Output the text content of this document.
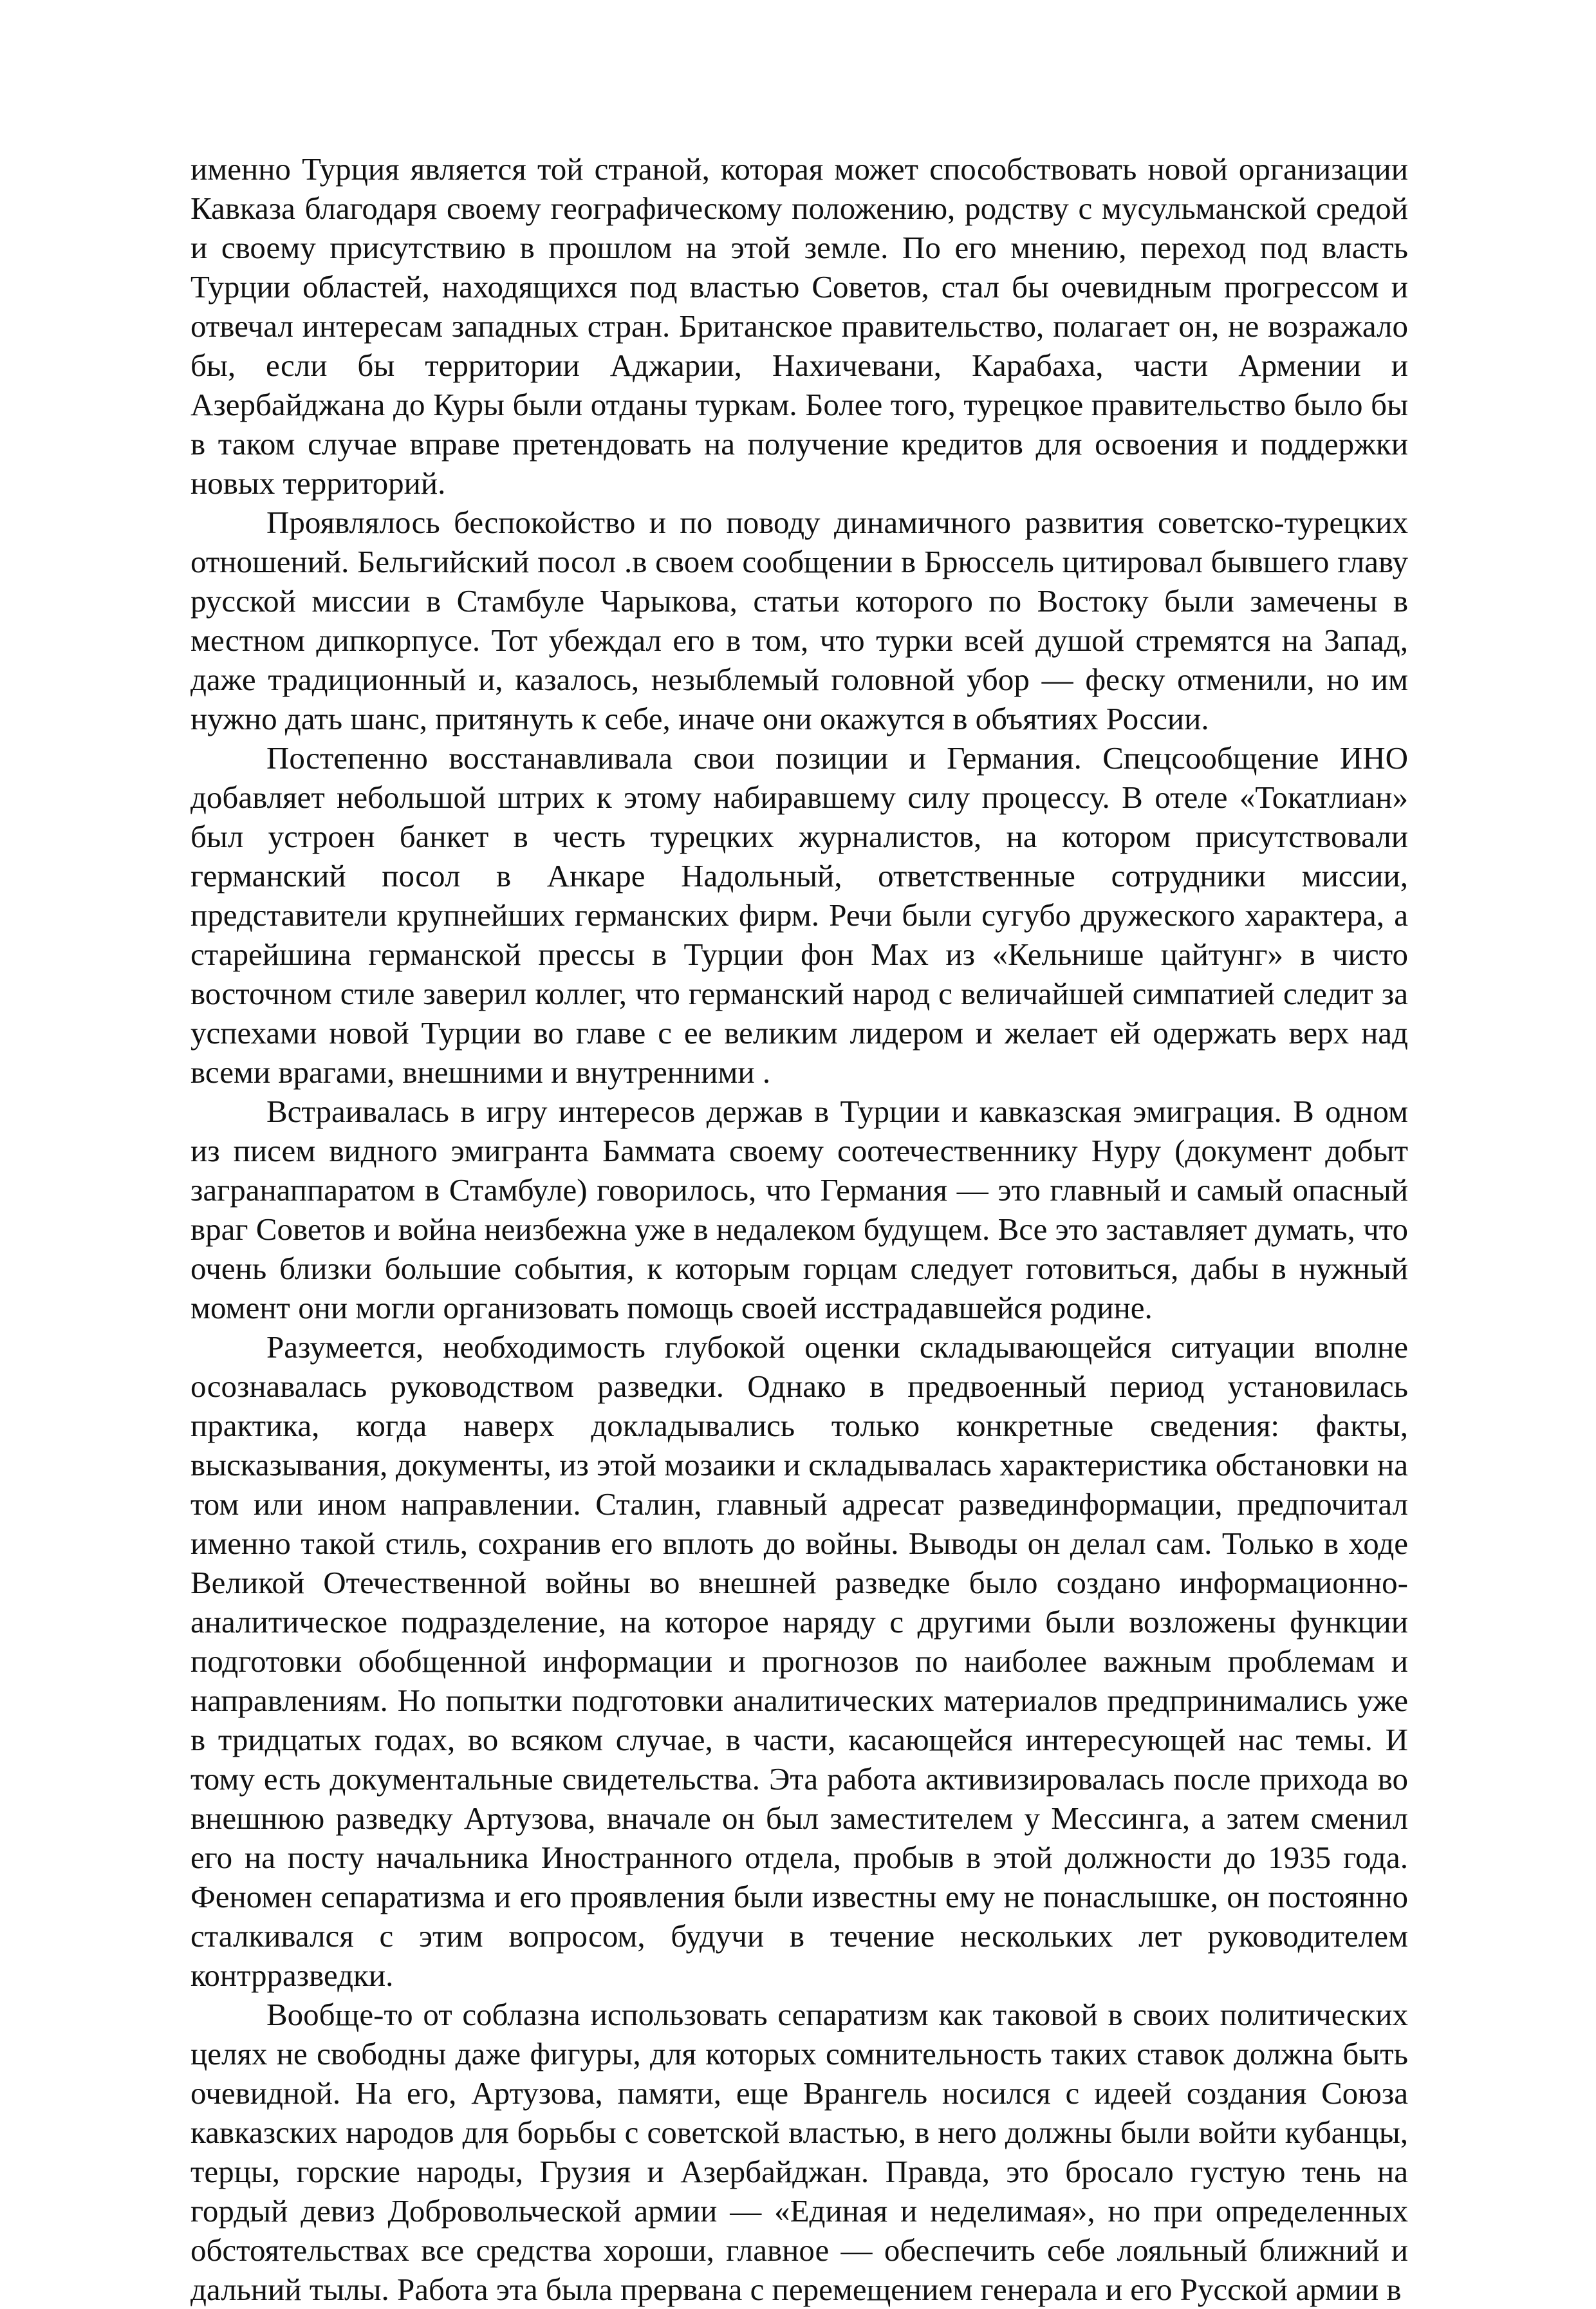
именно Турция является той страной, которая может способствовать новой организации Кавказа благодаря своему географическому положению, родству с мусульманской средой и своему присутствию в прошлом на этой земле. По его мнению, переход под власть Турции областей, находящихся под властью Советов, стал бы очевидным прогрессом и отвечал интересам западных стран. Британское правительство, полагает он, не возражало бы, если бы территории Аджарии, Нахичевани, Карабаха, части Армении и Азербайджана до Куры были отданы туркам. Более того, турецкое правительство было бы в таком случае вправе претендовать на получение кредитов для освоения и поддержки новых территорий.

Проявлялось беспокойство и по поводу динамичного развития советско-турецких отношений. Бельгийский посол .в своем сообщении в Брюссель цитировал бывшего главу русской миссии в Стамбуле Чарыкова, статьи которого по Востоку были замечены в местном дипкорпусе. Тот убеждал его в том, что турки всей душой стремятся на Запад, даже традиционный и, казалось, незыблемый головной убор — феску отменили, но им нужно дать шанс, притянуть к себе, иначе они окажутся в объятиях России.

Постепенно восстанавливала свои позиции и Германия. Спецсообщение ИНО добавляет небольшой штрих к этому набиравшему силу процессу. В отеле «Токатлиан» был устроен банкет в честь турецких журналистов, на котором присутствовали германский посол в Анкаре Надольный, ответственные сотрудники миссии, представители крупнейших германских фирм. Речи были сугубо дружеского характера, а старейшина германской прессы в Турции фон Мах из «Кельнише цайтунг» в чисто восточном стиле заверил коллег, что германский народ с величайшей симпатией следит за успехами новой Турции во главе с ее великим лидером и желает ей одержать верх над всеми врагами, внешними и внутренними .

Встраивалась в игру интересов держав в Турции и кавказская эмиграция. В одном из писем видного эмигранта Баммата своему соотечественнику Нуру (документ добыт загранаппаратом в Стамбуле) говорилось, что Германия — это главный и самый опасный враг Советов и война неизбежна уже в недалеком будущем. Все это заставляет думать, что очень близки большие события, к которым горцам следует готовиться, дабы в нужный момент они могли организовать помощь своей исстрадавшейся родине.

Разумеется, необходимость глубокой оценки складывающейся ситуации вполне осознавалась руководством разведки. Однако в предвоенный период установилась практика, когда наверх докладывались только конкретные сведения: факты, высказывания, документы, из этой мозаики и складывалась характеристика обстановки на том или ином направлении. Сталин, главный адресат развединформации, предпочитал именно такой стиль, сохранив его вплоть до войны. Выводы он делал сам. Только в ходе Великой Отечественной войны во внешней разведке было создано информационно-аналитическое подразделение, на которое наряду с другими были возложены функции подготовки обобщенной информации и прогнозов по наиболее важным проблемам и направлениям. Но попытки подготовки аналитических материалов предпринимались уже в тридцатых годах, во всяком случае, в части, касающейся интересующей нас темы. И тому есть документальные свидетельства. Эта работа активизировалась после прихода во внешнюю разведку Артузова, вначале он был заместителем у Мессинга, а затем сменил его на посту начальника Иностранного отдела, пробыв в этой должности до 1935 года. Феномен сепаратизма и его проявления были известны ему не понаслышке, он постоянно сталкивался с этим вопросом, будучи в течение нескольких лет руководителем контрразведки.

Вообще-то от соблазна использовать сепаратизм как таковой в своих политических целях не свободны даже фигуры, для которых сомнительность таких ставок должна быть очевидной. На его, Артузова, памяти, еще Врангель носился с идеей создания Союза кавказских народов для борьбы с советской властью, в него должны были войти кубанцы, терцы, горские народы, Грузия и Азербайджан. Правда, это бросало густую тень на гордый девиз Добровольческой армии — «Единая и неделимая», но при определенных обстоятельствах все средства хороши, главное — обеспечить себе лояльный ближний и дальний тылы. Работа эта была прервана с перемещением генерала и его Русской армии в
